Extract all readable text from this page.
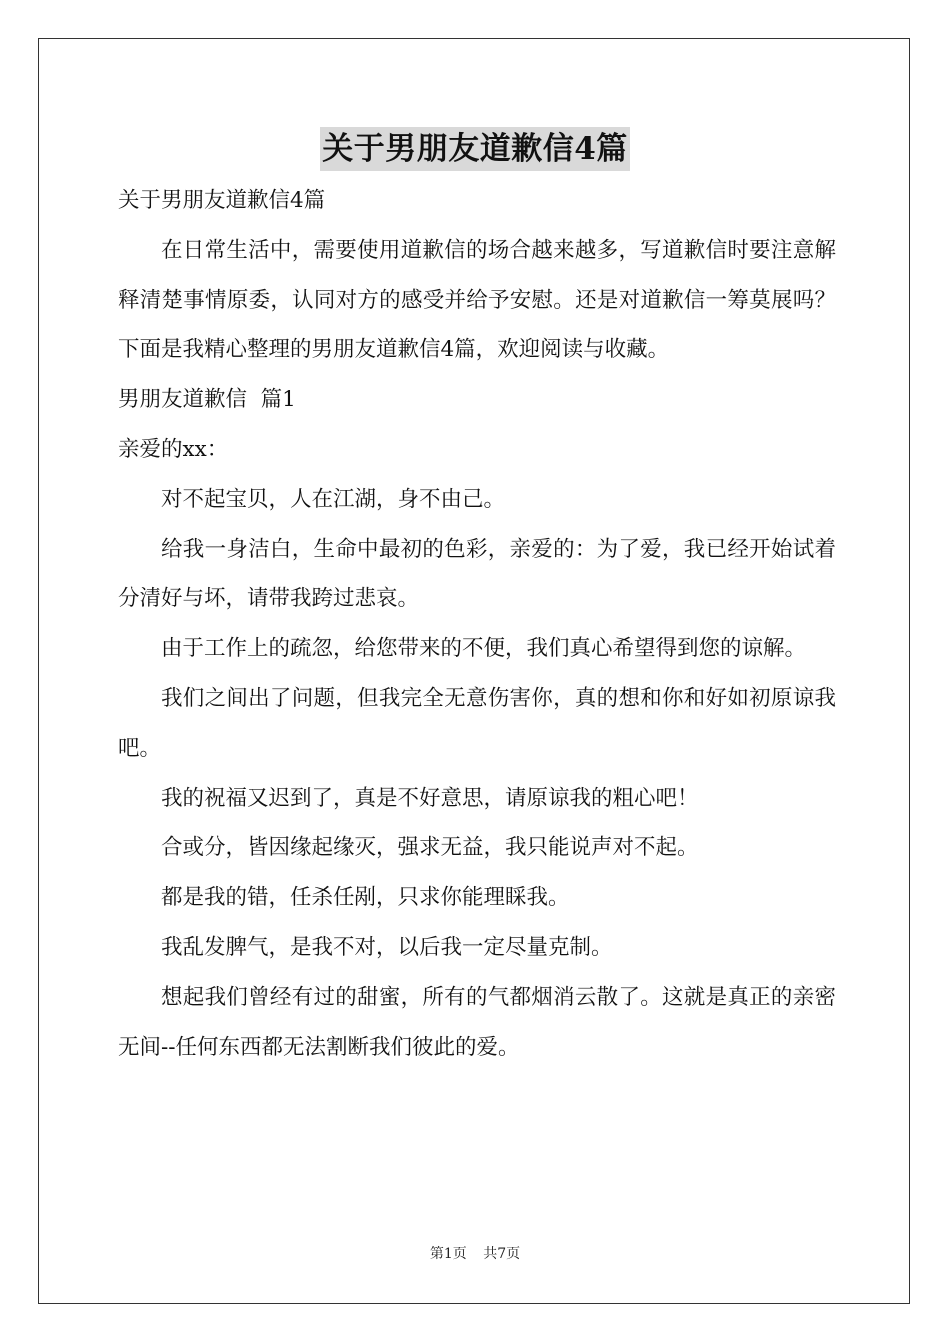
关于男朋友道歉信4篇

关于男朋友道歉信4篇

在日常生活中，需要使用道歉信的场合越来越多，写道歉信时要注意解释清楚事情原委，认同对方的感受并给予安慰。还是对道歉信一筹莫展吗？下面是我精心整理的男朋友道歉信4篇，欢迎阅读与收藏。

男朋友道歉信  篇1

亲爱的xx：

对不起宝贝，人在江湖，身不由己。

给我一身洁白，生命中最初的色彩，亲爱的：为了爱，我已经开始试着分清好与坏，请带我跨过悲哀。

由于工作上的疏忽，给您带来的不便，我们真心希望得到您的谅解。

我们之间出了问题，但我完全无意伤害你，真的想和你和好如初原谅我吧。

我的祝福又迟到了，真是不好意思，请原谅我的粗心吧！

合或分，皆因缘起缘灭，强求无益，我只能说声对不起。

都是我的错，任杀任剐，只求你能理睬我。

我乱发脾气，是我不对，以后我一定尽量克制。

想起我们曾经有过的甜蜜，所有的气都烟消云散了。这就是真正的亲密无间--任何东西都无法割断我们彼此的爱。

第1页 共7页
